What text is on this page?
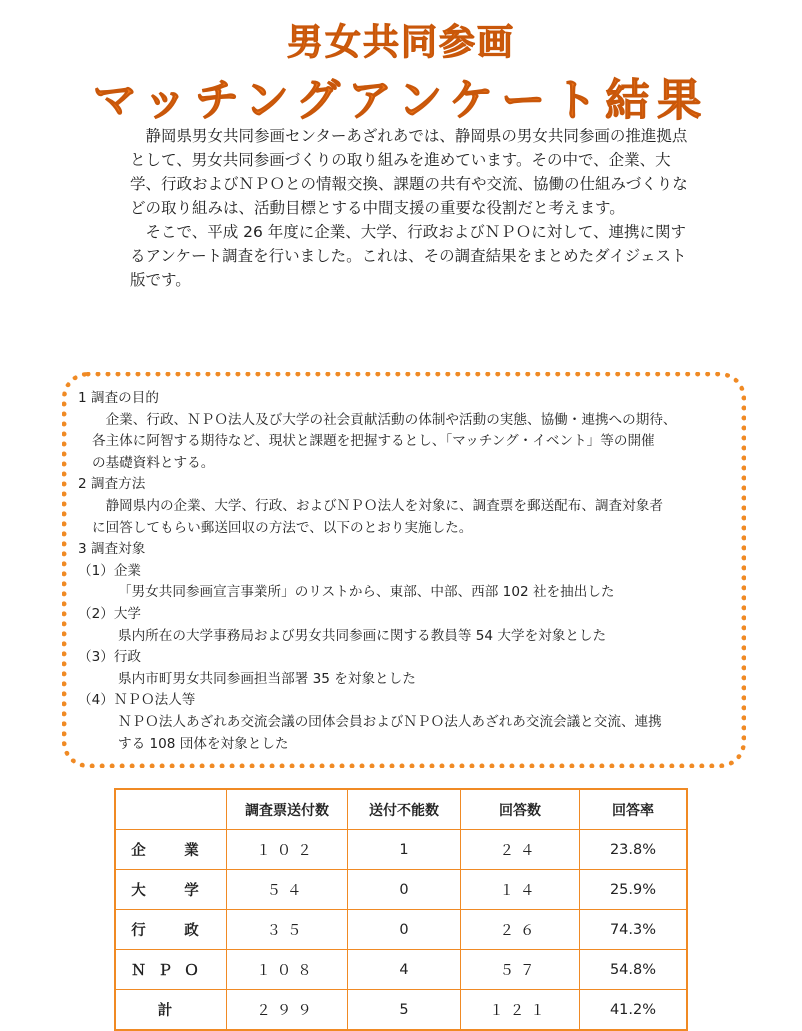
男女共同参画
マッチングアンケート結果

静岡県男女共同参画センターあざれあでは、静岡県の男女共同参画の推進拠点として、男女共同参画づくりの取り組みを進めています。その中で、企業、大学、行政およびＮＰＯとの情報交換、課題の共有や交流、協働の仕組みづくりなどの取り組みは、活動目標とする中間支援の重要な役割だと考えます。

そこで、平成 26 年度に企業、大学、行政およびＮＰＯに対して、連携に関するアンケート調査を行いました。これは、その調査結果をまとめたダイジェスト版です。

1 調査の目的
企業、行政、ＮＰＯ法人及び大学の社会貢献活動の体制や活動の実態、協働・連携への期待、
各主体に阿智する期待など、現状と課題を把握するとし、「マッチング・イベント」等の開催
の基礎資料とする。
2 調査方法
静岡県内の企業、大学、行政、およびＮＰＯ法人を対象に、調査票を郵送配布、調査対象者
に回答してもらい郵送回収の方法で、以下のとおり実施した。
3 調査対象
（1）企業
「男女共同参画宣言事業所」のリストから、東部、中部、西部 102 社を抽出した
（2）大学
県内所在の大学事務局および男女共同参画に関する教員等 54 大学を対象とした
（3）行政
県内市町男女共同参画担当部署 35 を対象とした
（4）ＮＰＯ法人等
ＮＰＯ法人あざれあ交流会議の団体会員およびＮＰＯ法人あざれあ交流会議と交流、連携
する 108 団体を対象とした
	調査票送付数	送付不能数	回答数	回答率
企　業	１０２	1	２４	23.8%
大　学	５４	0	１４	25.9%
行　政	３５	0	２６	74.3%
ＮＰＯ	１０８	4	５７	54.8%
計	２９９	5	１２１	41.2%
